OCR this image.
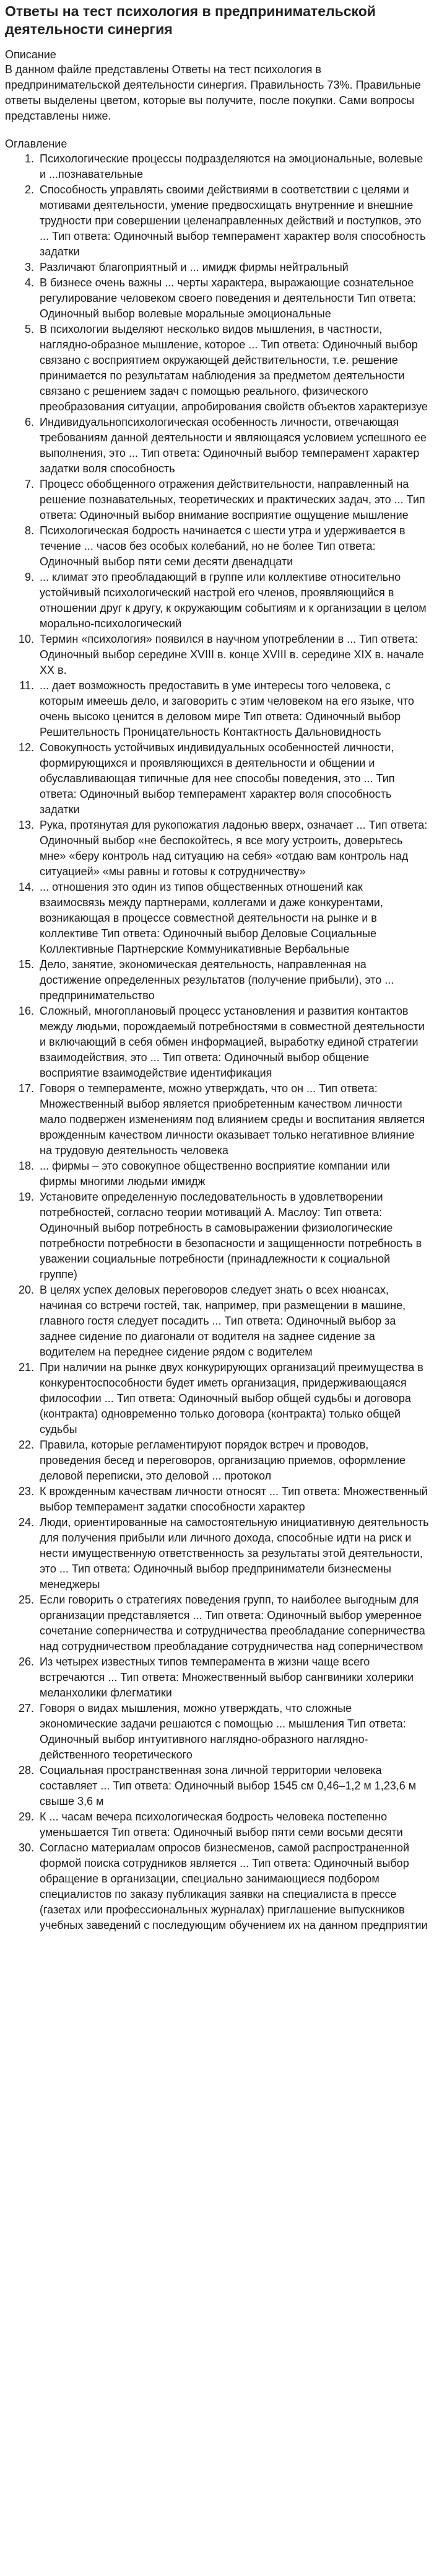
Ответы на тест психология в предпринимательской деятельности синергия
Описание

В данном файле представлены Ответы на тест психология в предпринимательской деятельности синергия. Правильность 73%. Правильные ответы выделены цветом, которые вы получите, после покупки. Сами вопросы представлены ниже.

Оглавление
1. Психологические процессы подразделяются на эмоциональные, волевые и ...познавательные
2. Способность управлять своими действиями в соответствии с целями и мотивами деятельности, умение предвосхищать внутренние и внешние трудности при совершении целенаправленных действий и поступков, это ... Тип ответа: Одиночный выбор темперамент характер воля способность задатки
3. Различают благоприятный и ... имидж фирмы нейтральный
4. В бизнесе очень важны ... черты характера, выражающие сознательное регулирование человеком своего поведения и деятельности Тип ответа: Одиночный выбор волевые моральные эмоциональные
5. В психологии выделяют несколько видов мышления, в частности, наглядно-образное мышление, которое ... Тип ответа: Одиночный выбор связано с восприятием окружающей действительности, т.е. решение принимается по результатам наблюдения за предметом деятельности связано с решением задач с помощью реального, физического преобразования ситуации, апробирования свойств объектов характеризуе
6. Индивидуальнопсихологическая особенность личности, отвечающая требованиям данной деятельности и являющаяся условием успешного ее выполнения, это ... Тип ответа: Одиночный выбор темперамент характер задатки воля способность
7. Процесс обобщенного отражения действительности, направленный на решение познавательных, теоретических и практических задач, это ... Тип ответа: Одиночный выбор внимание восприятие ощущение мышление
8. Психологическая бодрость начинается с шести утра и удерживается в течение ... часов без особых колебаний, но не более Тип ответа: Одиночный выбор пяти семи десяти двенадцати
9. ... климат это преобладающий в группе или коллективе относительно устойчивый психологический настрой его членов, проявляющийся в отношении друг к другу, к окружающим событиям и к организации в целом морально-психологический
10. Термин «психология» появился в научном употреблении в ... Тип ответа: Одиночный выбор середине XVIII в. конце XVIII в. середине XIX в. начале XX в.
11. ... дает возможность предоставить в уме интересы того человека, с которым имеешь дело, и заговорить с этим человеком на его языке, что очень высоко ценится в деловом мире Тип ответа: Одиночный выбор Решительность Проницательность Контактность Дальновидность
12. Совокупность устойчивых индивидуальных особенностей личности, формирующихся и проявляющихся в деятельности и общении и обуславливающая типичные для нее способы поведения, это ... Тип ответа: Одиночный выбор темперамент характер воля способность задатки
13. Рука, протянутая для рукопожатия ладонью вверх, означает ... Тип ответа: Одиночный выбор «не беспокойтесь, я все могу устроить, доверьтесь мне» «беру контроль над ситуацию на себя» «отдаю вам контроль над ситуацией» «мы равны и готовы к сотрудничеству»
14. ... отношения это один из типов общественных отношений как взаимосвязь между партнерами, коллегами и даже конкурентами, возникающая в процессе совместной деятельности на рынке и в коллективе Тип ответа: Одиночный выбор Деловые Социальные Коллективные Партнерские Коммуникативные Вербальные
15. Дело, занятие, экономическая деятельность, направленная на достижение определенных результатов (получение прибыли), это ... предпринимательство
16. Сложный, многоплановый процесс установления и развития контактов между людьми, порождаемый потребностями в совместной деятельности и включающий в себя обмен информацией, выработку единой стратегии взаимодействия, это ... Тип ответа: Одиночный выбор общение восприятие взаимодействие идентификация
17. Говоря о темпераменте, можно утверждать, что он ... Тип ответа: Множественный выбор является приобретенным качеством личности мало подвержен изменениям под влиянием среды и воспитания является врожденным качеством личности оказывает только негативное влияние на трудовую деятельность человека
18. ... фирмы – это совокупное общественно восприятие компании или фирмы многими людьми имидж
19. Установите определенную последовательность в удовлетворении потребностей, согласно теории мотиваций А. Маслоу: Тип ответа: Одиночный выбор потребность в самовыражении физиологические потребности потребности в безопасности и защищенности потребность в уважении социальные потребности (принадлежности к социальной группе)
20. В целях успех деловых переговоров следует знать о всех нюансах, начиная со встречи гостей, так, например, при размещении в машине, главного гостя следует посадить ... Тип ответа: Одиночный выбор за заднее сидение по диагонали от водителя на заднее сидение за водителем на переднее сидение рядом с водителем
21. При наличии на рынке двух конкурирующих организаций преимущества в конкурентоспособности будет иметь организация, придерживающаяся философии ... Тип ответа: Одиночный выбор общей судьбы и договора (контракта) одновременно только договора (контракта) только общей судьбы
22. Правила, которые регламентируют порядок встреч и проводов, проведения бесед и переговоров, организацию приемов, оформление деловой переписки, это деловой ... протокол
23. К врожденным качествам личности относят ... Тип ответа: Множественный выбор темперамент задатки способности характер
24. Люди, ориентированные на самостоятельную инициативную деятельность для получения прибыли или личного дохода, способные идти на риск и нести имущественную ответственность за результаты этой деятельности, это ... Тип ответа: Одиночный выбор предприниматели бизнесмены менеджеры
25. Если говорить о стратегиях поведения групп, то наиболее выгодным для организации представляется ... Тип ответа: Одиночный выбор умеренное сочетание соперничества и сотрудничества преобладание соперничества над сотрудничеством преобладание сотрудничества над соперничеством
26. Из четырех известных типов темперамента в жизни чаще всего встречаются ... Тип ответа: Множественный выбор сангвиники холерики меланхолики флегматики
27. Говоря о видах мышления, можно утверждать, что сложные экономические задачи решаются с помощью ... мышления Тип ответа: Одиночный выбор интуитивного наглядно-образного наглядно-действенного теоретического
28. Социальная пространственная зона личной территории человека составляет ... Тип ответа: Одиночный выбор 1545 см 0,46–1,2 м 1,23,6 м свыше 3,6 м
29. К ... часам вечера психологическая бодрость человека постепенно уменьшается Тип ответа: Одиночный выбор пяти семи восьми десяти
30. Согласно материалам опросов бизнесменов, самой распространенной формой поиска сотрудников является ... Тип ответа: Одиночный выбор обращение в организации, специально занимающиеся подбором специалистов по заказу публикация заявки на специалиста в прессе (газетах или профессиональных журналах) приглашение выпускников учебных заведений с последующим обучением их на данном предприятии
